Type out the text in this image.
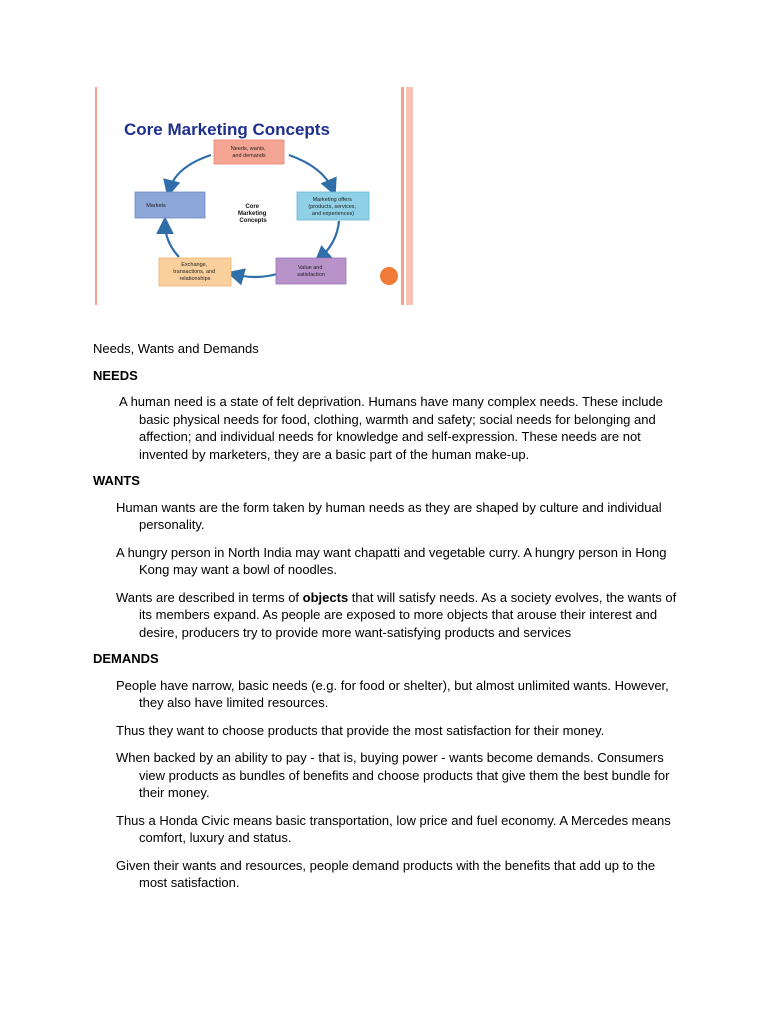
Core Marketing Concepts
Needs, wants, and demands
Marketing offers (products, services, and experiences)
Value and satisfaction
Exchange, transactions, and relationships
Markets	Core Marketing Concepts

Needs, Wants and Demands

NEEDS

A human need is a state of felt deprivation. Humans have many complex needs. These include basic physical needs for food, clothing, warmth and safety; social needs for belonging and affection; and individual needs for knowledge and self-expression. These needs are not invented by marketers, they are a basic part of the human make-up.

WANTS

Human wants are the form taken by human needs as they are shaped by culture and individual personality.

A hungry person in North India may want chapatti and vegetable curry. A hungry person in Hong Kong may want a bowl of noodles.

Wants are described in terms of objects that will satisfy needs. As a society evolves, the wants of its members expand. As people are exposed to more objects that arouse their interest and desire, producers try to provide more want-satisfying products and services

DEMANDS

People have narrow, basic needs (e.g. for food or shelter), but almost unlimited wants. However, they also have limited resources.

Thus they want to choose products that provide the most satisfaction for their money.

When backed by an ability to pay - that is, buying power - wants become demands. Consumers view products as bundles of benefits and choose products that give them the best bundle for their money.

Thus a Honda Civic means basic transportation, low price and fuel economy. A Mercedes means comfort, luxury and status.

Given their wants and resources, people demand products with the benefits that add up to the most satisfaction.
